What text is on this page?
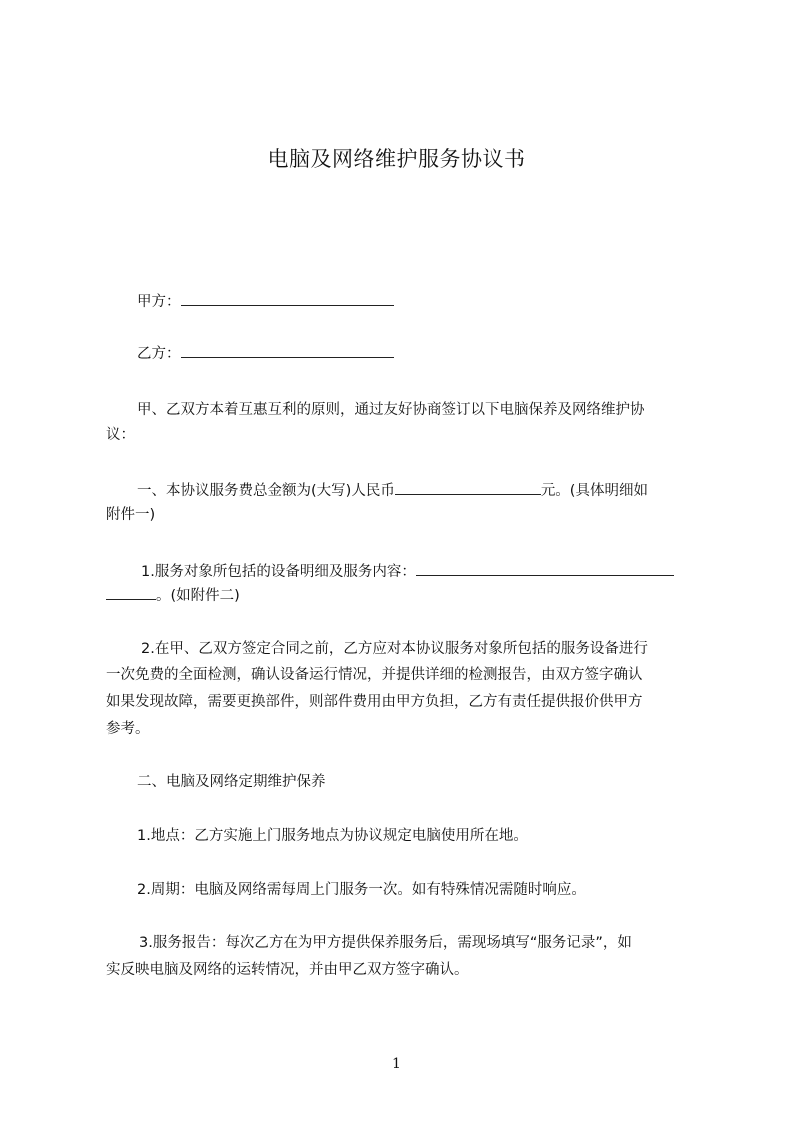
电脑及网络维护服务协议书
甲方：
乙方：
甲、乙双方本着互惠互利的原则，通过友好协商签订以下电脑保养及网络维护协
议：
一、本协议服务费总金额为(大写)人民币	元。(具体明细如
附件一)
1.服务对象所包括的设备明细及服务内容：
。(如附件二)
2.在甲、乙双方签定合同之前，乙方应对本协议服务对象所包括的服务设备进行
一次免费的全面检测，确认设备运行情况，并提供详细的检测报告，由双方签字确认
如果发现故障，需要更换部件，则部件费用由甲方负担，乙方有责任提供报价供甲方
参考。
二、电脑及网络定期维护保养
1.地点：乙方实施上门服务地点为协议规定电脑使用所在地。
2.周期：电脑及网络需每周上门服务一次。如有特殊情况需随时响应。
3.服务报告：每次乙方在为甲方提供保养服务后，需现场填写“服务记录”，如
实反映电脑及网络的运转情况，并由甲乙双方签字确认。
1
